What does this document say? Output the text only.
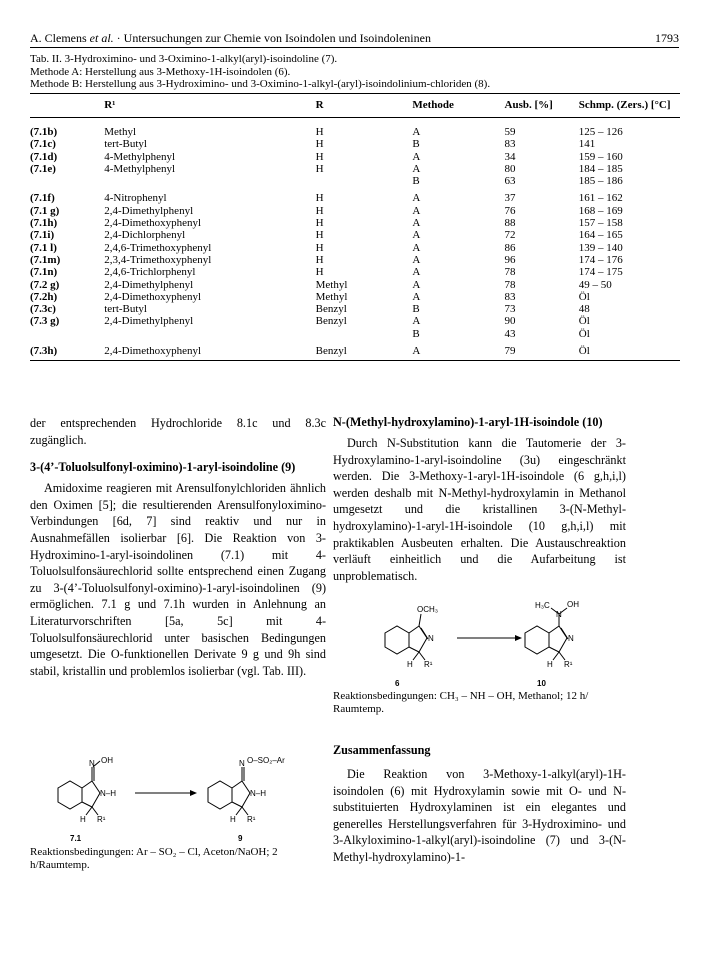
A. Clemens et al. · Untersuchungen zur Chemie von Isoindolen und Isoindoleninen	1793
Tab. II. 3-Hydroximino- und 3-Oximino-1-alkyl(aryl)-isoindoline (7).
Methode A: Herstellung aus 3-Methoxy-1H-isoindolen (6).
Methode B: Herstellung aus 3-Hydroximino- und 3-Oximino-1-alkyl-(aryl)-isoindolinium-chloriden (8).
	R¹	R	Methode	Ausb. [%]	Schmp. (Zers.) [°C]
(7.1b)	Methyl	H	A	59	125 – 126
(7.1c)	tert-Butyl	H	B	83	141
(7.1d)	4-Methylphenyl	H	A	34	159 – 160
(7.1e)	4-Methylphenyl	H	A	80	184 – 185
			B	63	185 – 186
(7.1f)	4-Nitrophenyl	H	A	37	161 – 162
(7.1 g)	2,4-Dimethylphenyl	H	A	76	168 – 169
(7.1h)	2,4-Dimethoxyphenyl	H	A	88	157 – 158
(7.1i)	2,4-Dichlorphenyl	H	A	72	164 – 165
(7.1 l)	2,4,6-Trimethoxyphenyl	H	A	86	139 – 140
(7.1m)	2,3,4-Trimethoxyphenyl	H	A	96	174 – 176
(7.1n)	2,4,6-Trichlorphenyl	H	A	78	174 – 175
(7.2 g)	2,4-Dimethylphenyl	Methyl	A	78	49 – 50
(7.2h)	2,4-Dimethoxyphenyl	Methyl	A	83	Öl
(7.3c)	tert-Butyl	Benzyl	B	73	48
(7.3 g)	2,4-Dimethylphenyl	Benzyl	A	90	Öl
			B	43	Öl
(7.3h)	2,4-Dimethoxyphenyl	Benzyl	A	79	Öl

der entsprechenden Hydrochloride 8.1c und 8.3c zugänglich.

3-(4’-Toluolsulfonyl-oximino)-1-aryl-isoindoline (9)

Amidoxime reagieren mit Arensulfonylchloriden ähnlich den Oximen [5]; die resultierenden Arensulfonyloximino-Verbindungen [6d, 7] sind reaktiv und nur in Ausnahmefällen isolierbar [6]. Die Reaktion von 3-Hydroximino-1-aryl-isoindolinen (7.1) mit 4-Toluolsulfonsäurechlorid sollte entsprechend einen Zugang zu 3-(4’-Toluolsulfonyl-oximino)-1-aryl-isoindolinen (9) ermöglichen. 7.1 g und 7.1h wurden in Anlehnung an Literaturvorschriften [5a, 5c] mit 4-Toluolsulfonsäurechlorid unter basischen Bedingungen umgesetzt. Die O-funktionellen Derivate 9 g und 9h sind stabil, kristallin und problemlos isolierbar (vgl. Tab. III).

OH
N
N–H
H R¹
N O–SO₂–Ar
N–H
H R¹
7.1	9
Reaktionsbedingungen: Ar – SO₂ – Cl, Aceton/NaOH; 2 h/Raumtemp.
N-(Methyl-hydroxylamino)-1-aryl-1H-isoindole (10)

Durch N-Substitution kann die Tautomerie der 3-Hydroxylamino-1-aryl-isoindoline (3u) eingeschränkt werden. Die 3-Methoxy-1-aryl-1H-isoindole (6 g,h,i,l) werden deshalb mit N-Methyl-hydroxylamin in Methanol umgesetzt und die kristallinen 3-(N-Methyl-hydroxylamino)-1-aryl-1H-isoindole (10 g,h,i,l) mit praktikablen Ausbeuten erhalten. Die Austauschreaktion verläuft einheitlich und die Aufarbeitung ist unproblematisch.

OCH₃
N
H R¹
H₃C OH
N
N
H R¹
6	10
Reaktionsbedingungen: CH₃ – NH – OH, Methanol; 12 h/ Raumtemp.
Zusammenfassung

Die Reaktion von 3-Methoxy-1-alkyl(aryl)-1H-isoindolen (6) mit Hydroxylamin sowie mit O- und N-substituierten Hydroxylaminen ist ein elegantes und generelles Herstellungsverfahren für 3-Hydroximino- und 3-Alkyloximino-1-alkyl(aryl)-isoindoline (7) und 3-(N-Methyl-hydroxylamino)-1-
